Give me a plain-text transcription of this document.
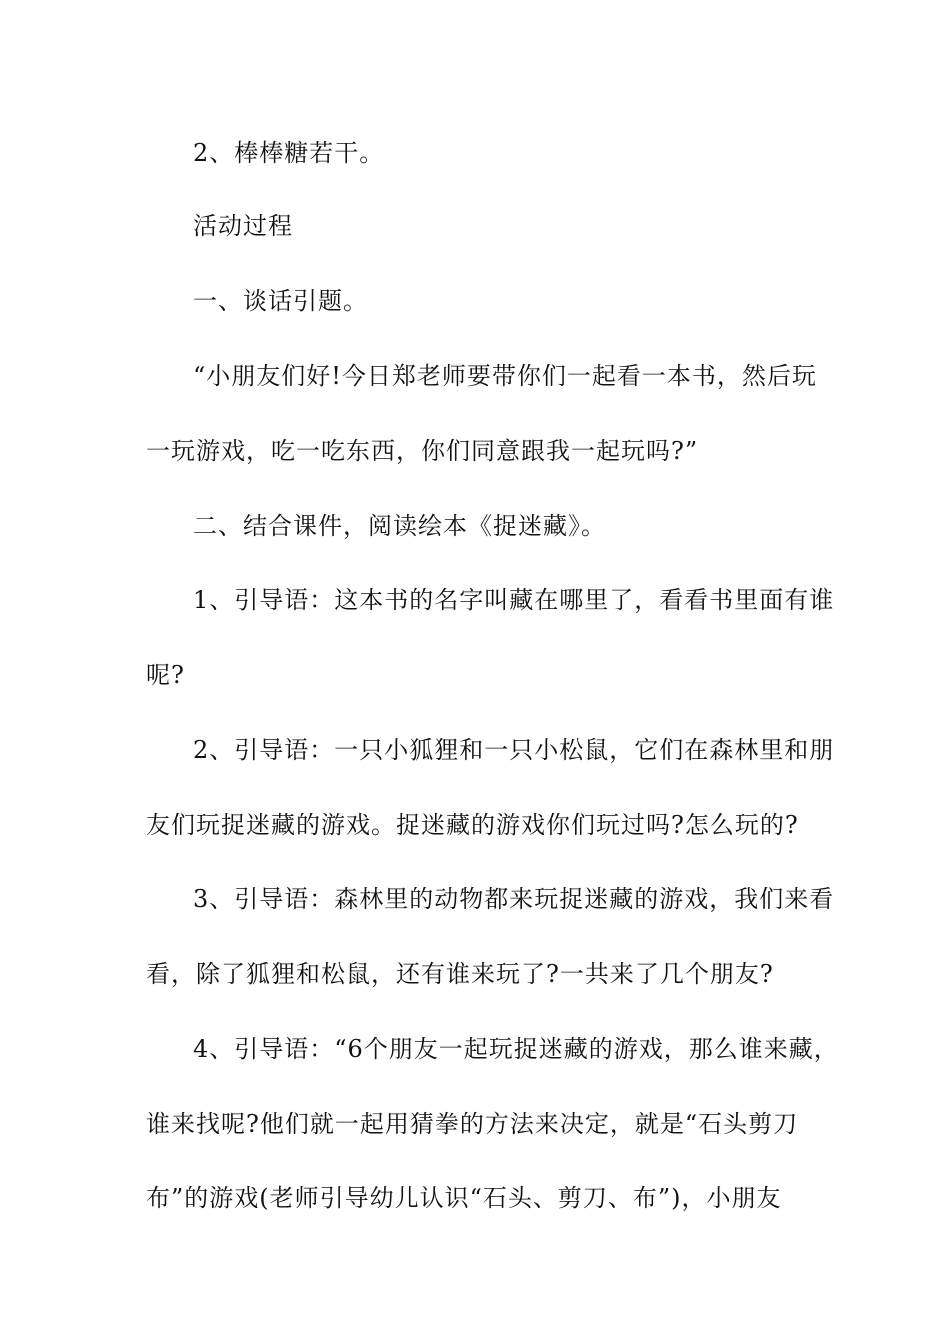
2、棒棒糖若干。
活动过程
一、谈话引题。
“小朋友们好!今日郑老师要带你们一起看一本书，然后玩
一玩游戏，吃一吃东西，你们同意跟我一起玩吗?”
二、结合课件，阅读绘本《捉迷藏》。
1、引导语：这本书的名字叫藏在哪里了，看看书里面有谁
呢?
2、引导语：一只小狐狸和一只小松鼠，它们在森林里和朋
友们玩捉迷藏的游戏。捉迷藏的游戏你们玩过吗?怎么玩的?
3、引导语：森林里的动物都来玩捉迷藏的游戏，我们来看
看，除了狐狸和松鼠，还有谁来玩了?一共来了几个朋友?
4、引导语：“6个朋友一起玩捉迷藏的游戏，那么谁来藏，
谁来找呢?他们就一起用猜拳的方法来决定，就是“石头剪刀
布”的游戏(老师引导幼儿认识“石头、剪刀、布”)，小朋友
